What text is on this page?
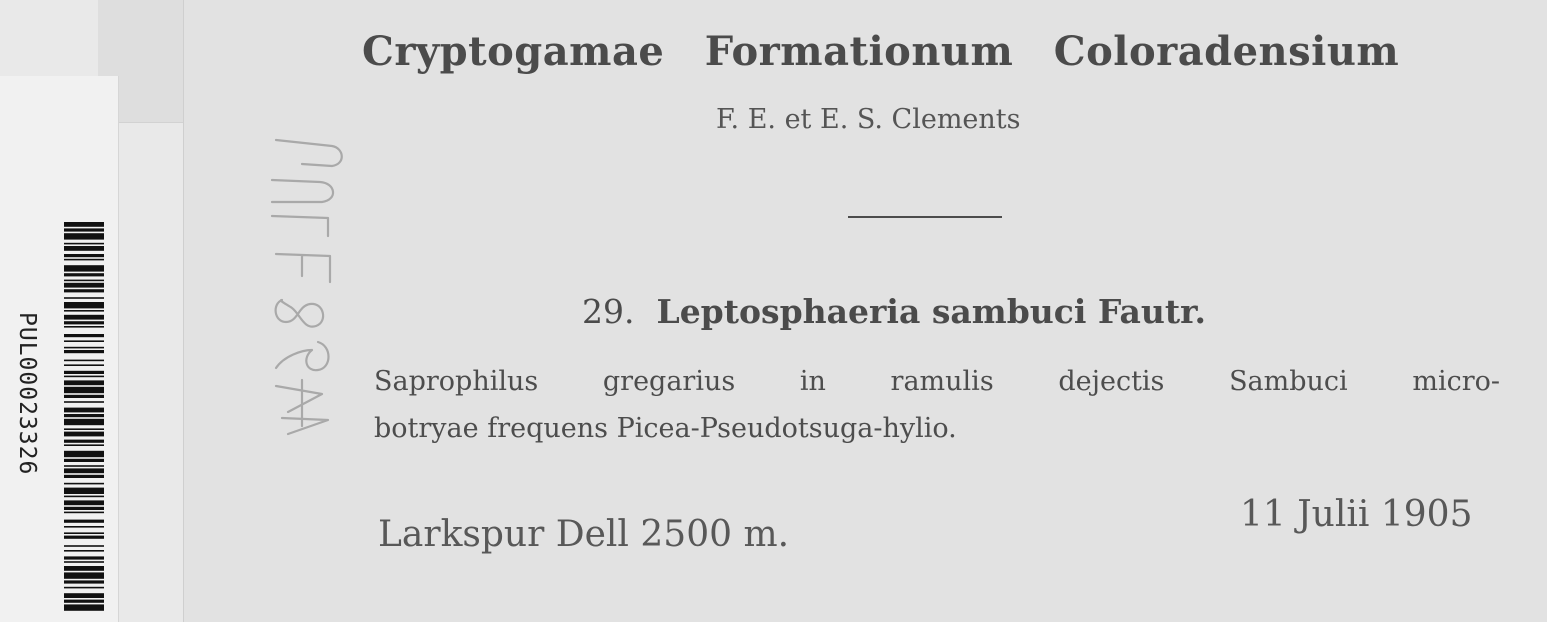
PUL00023326
Cryptogamae Formationum Coloradensium
F. E. et E. S. Clements
29. Leptosphaeria sambuci Fautr.
Saprophilus gregarius in ramulis dejectis Sambuci micro-
botryae frequens Picea-Pseudotsuga-hylio.
Larkspur Dell 2500 m.	11 Julii 1905
